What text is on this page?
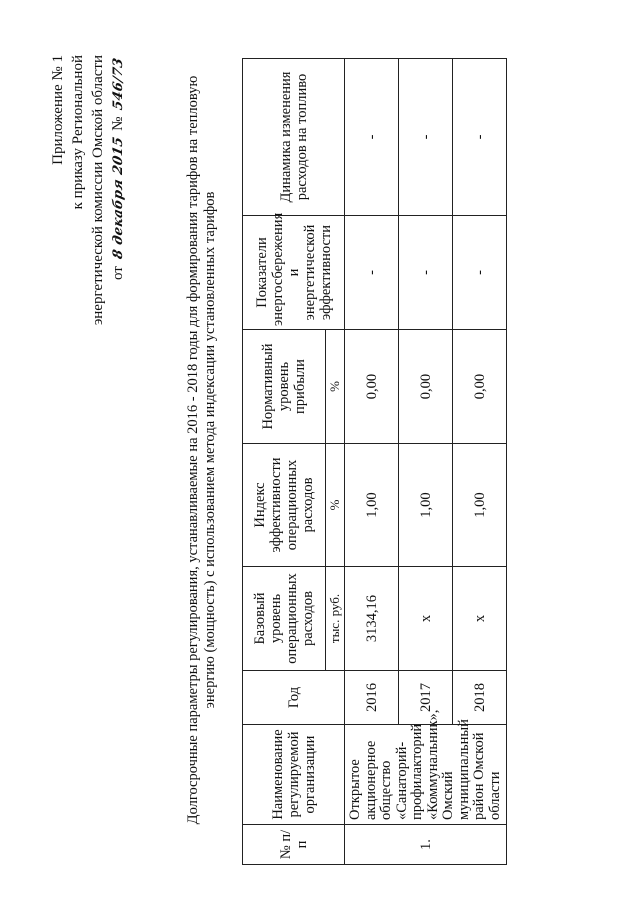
Приложение № 1 к приказу Региональной энергетической комиссии Омской области от 8 декабря 2015 № 546/73	Долгосрочные параметры регулирования, устанавливаемые на 2016 - 2018 годы для формирования тарифов на тепловую энергию (мощность) с использованием метода индексации установленных тарифов
№ п/п	Наименование регулируемой организации	Год	Базовый уровень операционных расходов	Индекс эффективности операционных расходов	Нормативный уровень прибыли	Показатели энергосбережения и энергетической эффективности	Динамика изменения расходов на топливо
			тыс. руб.	%	%		
1.	Открытое акционерное общество «Санаторий-профилакторий «Коммунальник», Омский муниципальный район Омской области	2016	3134,16	1,00	0,00	-	-
		2017	х	1,00	0,00	-	-
		2018	х	1,00	0,00	-	-
